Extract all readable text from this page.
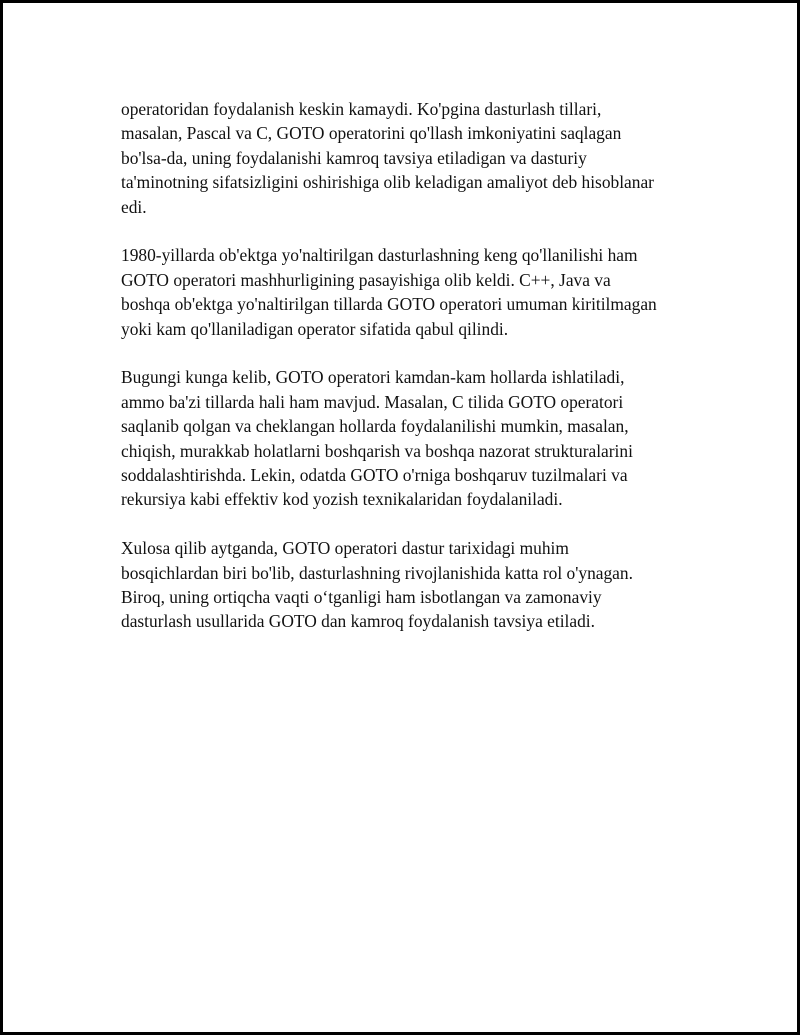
operatoridan foydalanish keskin kamaydi. Ko'pgina dasturlash tillari,
masalan, Pascal va C, GOTO operatorini qo'llash imkoniyatini saqlagan
bo'lsa-da, uning foydalanishi kamroq tavsiya etiladigan va dasturiy
ta'minotning sifatsizligini oshirishiga olib keladigan amaliyot deb hisoblanar
edi.

1980-yillarda ob'ektga yo'naltirilgan dasturlashning keng qo'llanilishi ham
GOTO operatori mashhurligining pasayishiga olib keldi. C++, Java va
boshqa ob'ektga yo'naltirilgan tillarda GOTO operatori umuman kiritilmagan
yoki kam qo'llaniladigan operator sifatida qabul qilindi.

Bugungi kunga kelib, GOTO operatori kamdan-kam hollarda ishlatiladi,
ammo ba'zi tillarda hali ham mavjud. Masalan, C tilida GOTO operatori
saqlanib qolgan va cheklangan hollarda foydalanilishi mumkin, masalan,
chiqish, murakkab holatlarni boshqarish va boshqa nazorat strukturalarini
soddalashtirishda. Lekin, odatda GOTO o'rniga boshqaruv tuzilmalari va
rekursiya kabi effektiv kod yozish texnikalaridan foydalaniladi.

Xulosa qilib aytganda, GOTO operatori dastur tarixidagi muhim
bosqichlardan biri bo'lib, dasturlashning rivojlanishida katta rol o'ynagan.
Biroq, uning ortiqcha vaqti o‘tganligi ham isbotlangan va zamonaviy
dasturlash usullarida GOTO dan kamroq foydalanish tavsiya etiladi.
